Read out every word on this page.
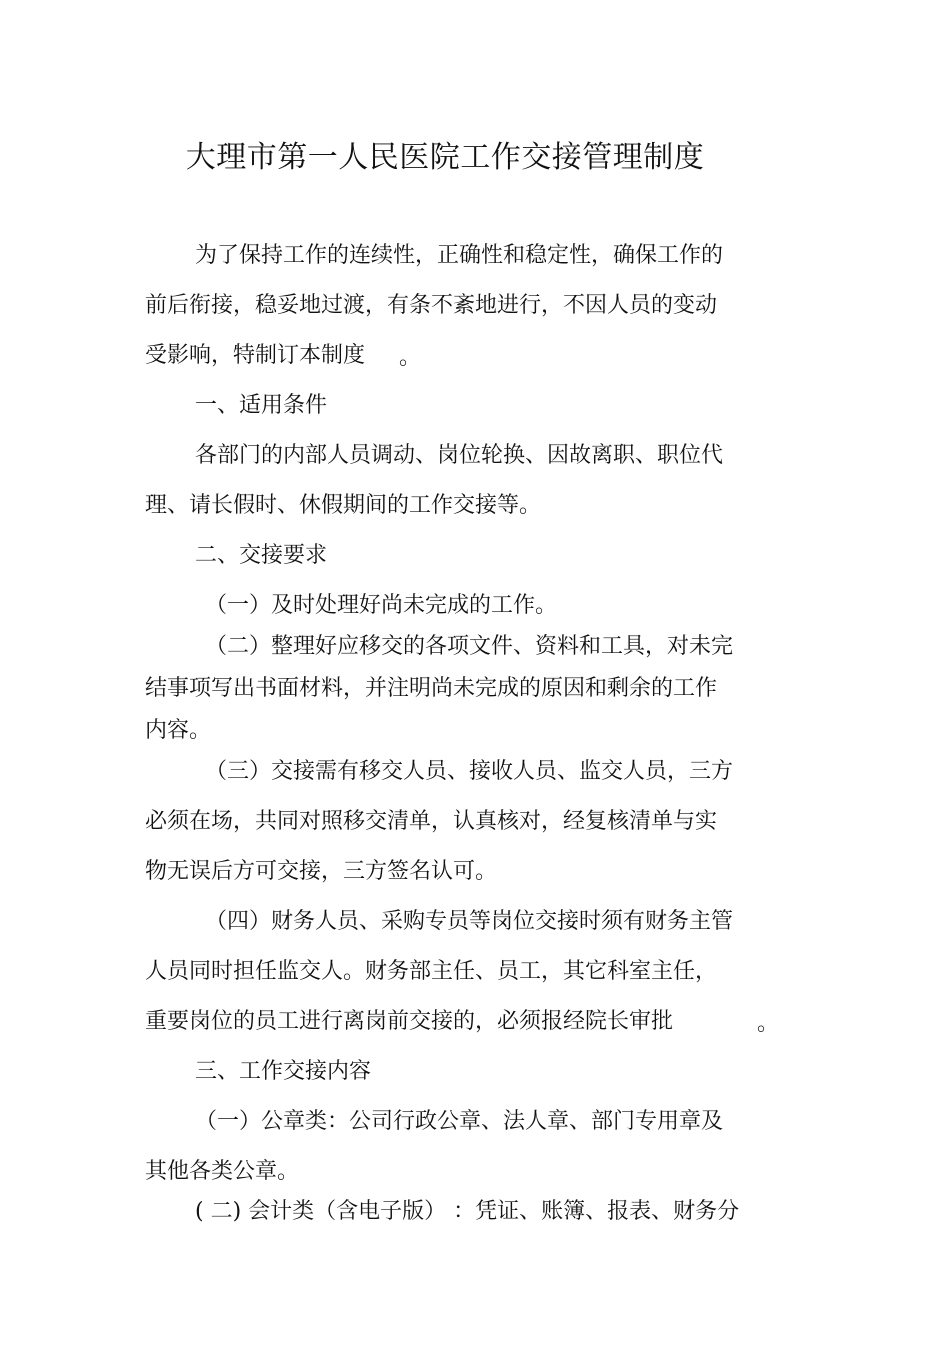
大理市第一人民医院工作交接管理制度
为了保持工作的连续性，正确性和稳定性，确保工作的
前后衔接，稳妥地过渡，有条不紊地进行，不因人员的变动
受影响，特制订本制度 。
一、适用条件
各部门的内部人员调动、岗位轮换、因故离职、职位代
理、请长假时、休假期间的工作交接等。
二、交接要求
（一）及时处理好尚未完成的工作。
（二）整理好应移交的各项文件、资料和工具，对未完
结事项写出书面材料，并注明尚未完成的原因和剩余的工作
内容。
（三）交接需有移交人员、接收人员、监交人员，三方
必须在场，共同对照移交清单，认真核对，经复核清单与实
物无误后方可交接，三方签名认可。
（四）财务人员、采购专员等岗位交接时须有财务主管
人员同时担任监交人。财务部主任、员工，其它科室主任，
重要岗位的员工进行离岗前交接的，必须报经院长审批	。
三、工作交接内容
（一）公章类：公司行政公章、法人章、部门专用章及
其他各类公章。
( 二) 会计类（含电子版） ：凭证、账簿、报表、财务分
